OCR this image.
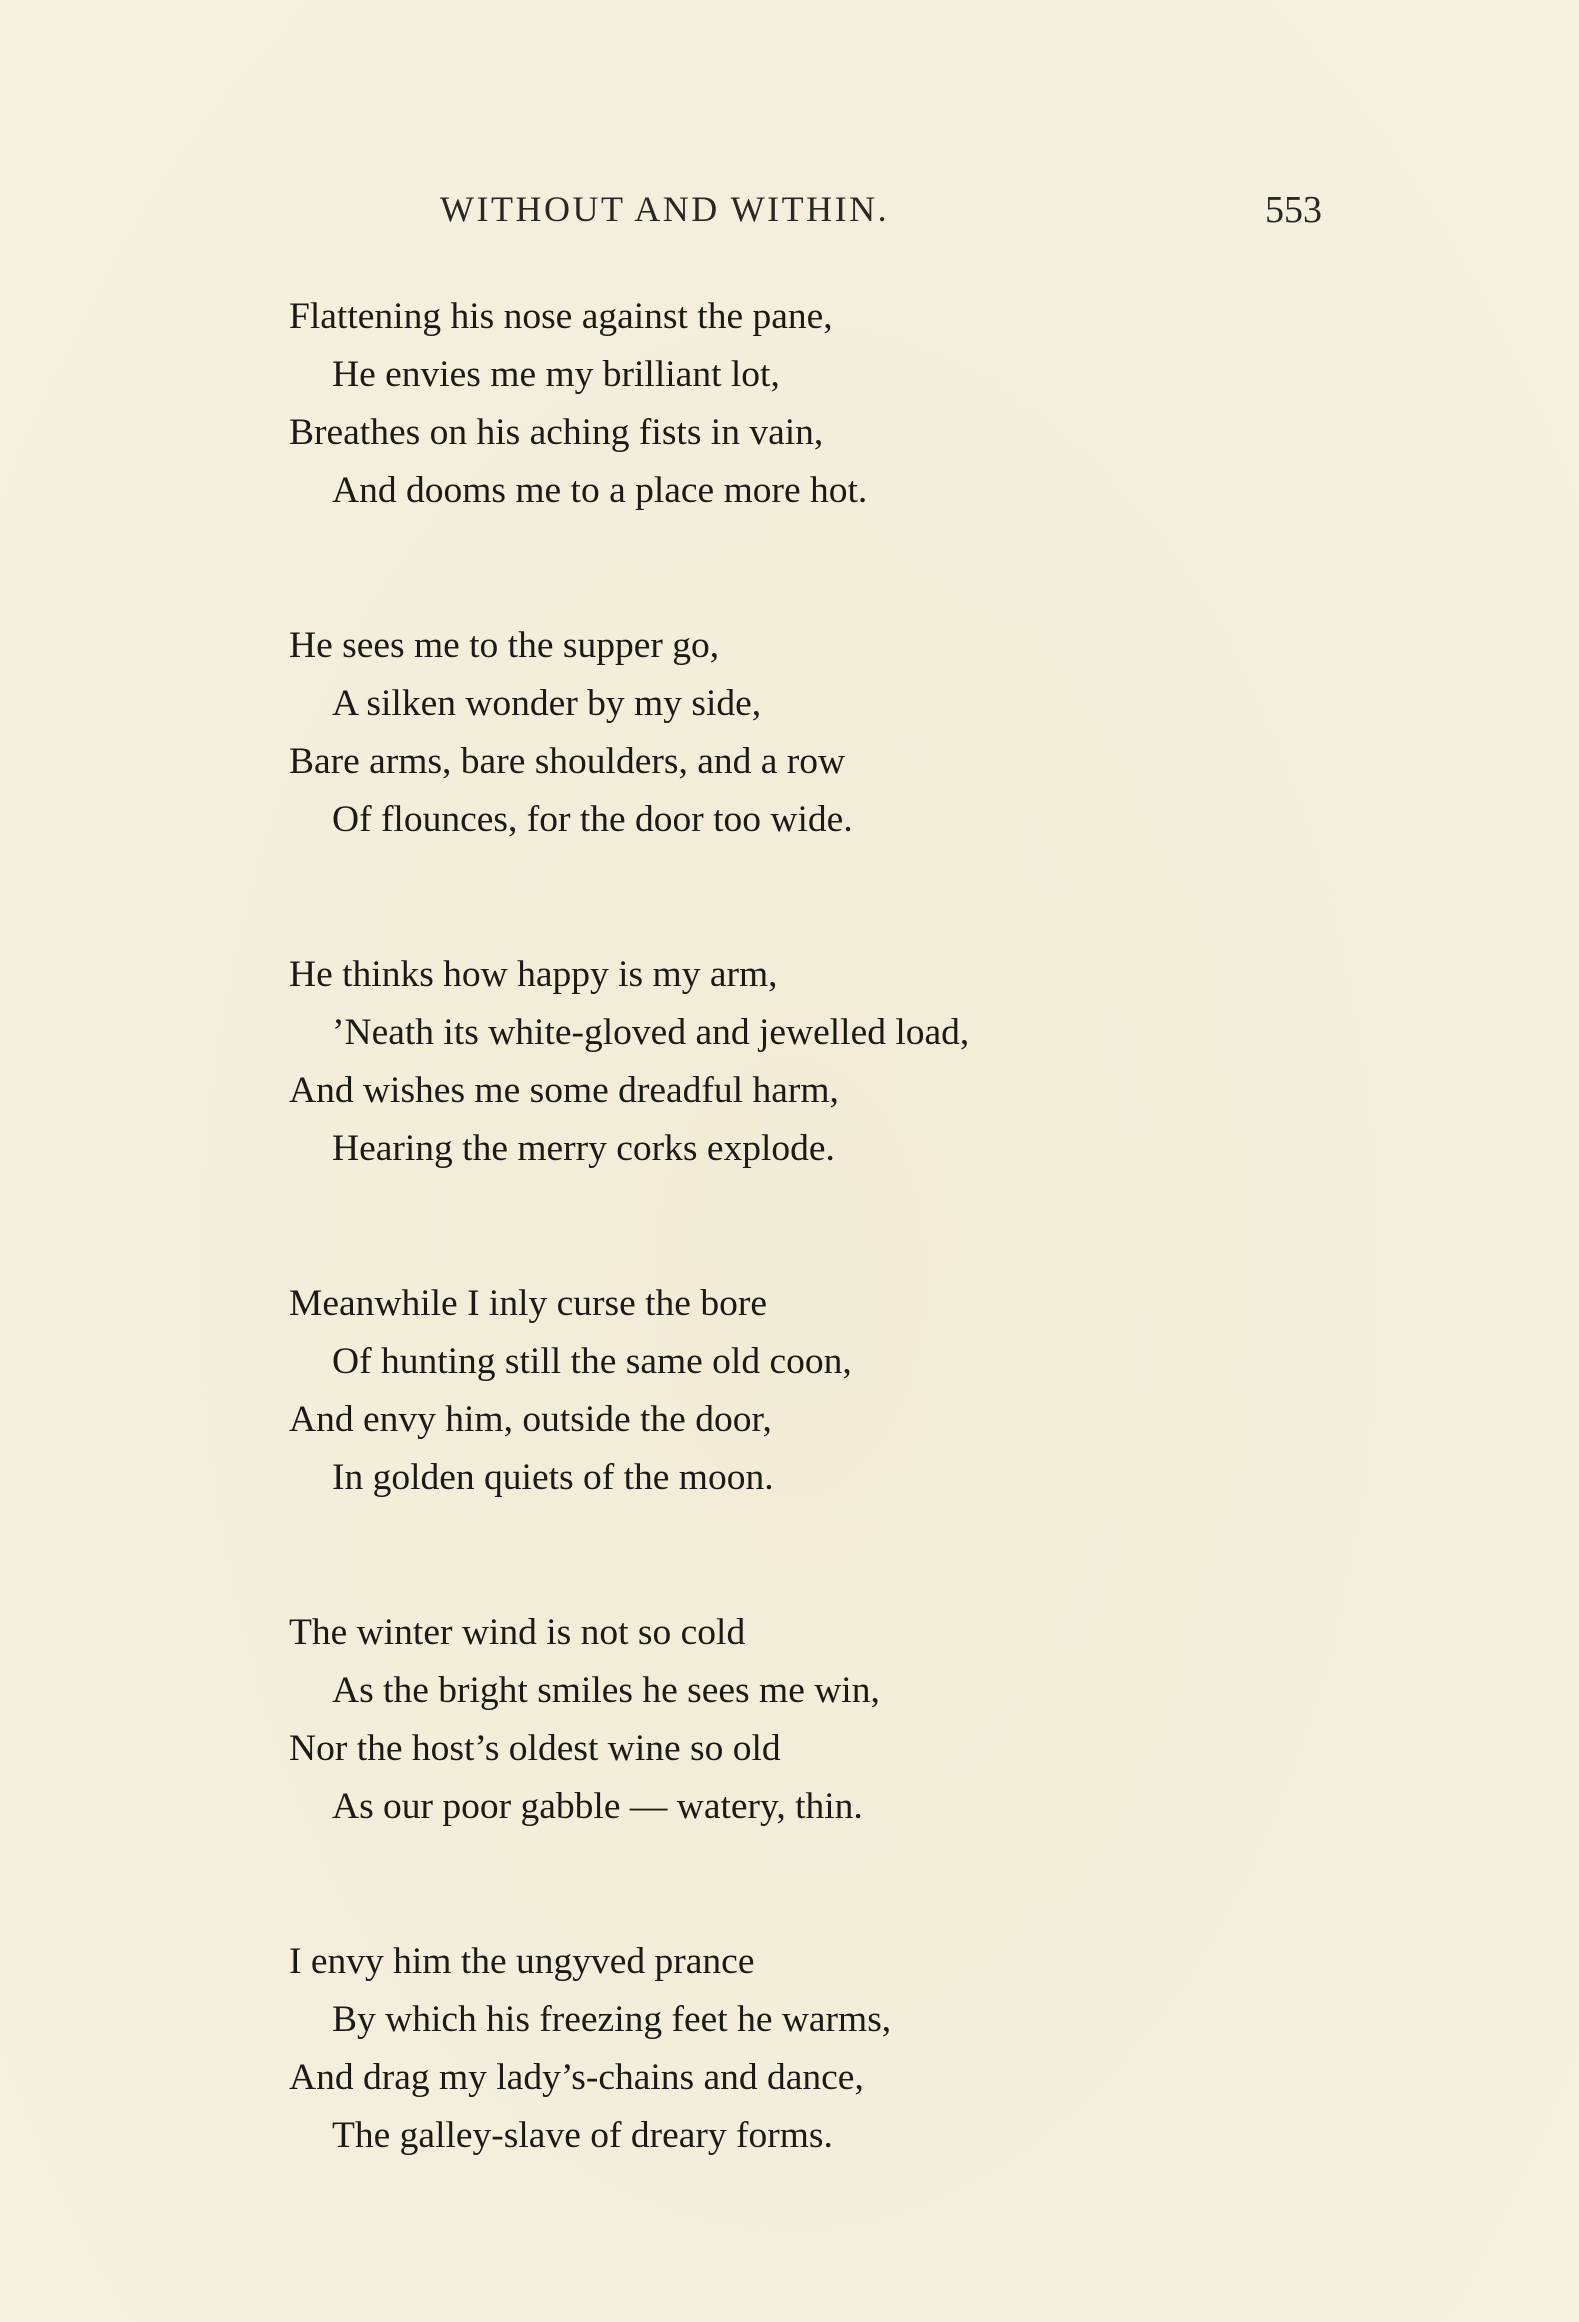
WITHOUT AND WITHIN.	553
Flattening his nose against the pane,
He envies me my brilliant lot,
Breathes on his aching fists in vain,
And dooms me to a place more hot.
He sees me to the supper go,
A silken wonder by my side,
Bare arms, bare shoulders, and a row
Of flounces, for the door too wide.
He thinks how happy is my arm,
’Neath its white-gloved and jewelled load,
And wishes me some dreadful harm,
Hearing the merry corks explode.
Meanwhile I inly curse the bore
Of hunting still the same old coon,
And envy him, outside the door,
In golden quiets of the moon.
The winter wind is not so cold
As the bright smiles he sees me win,
Nor the host’s oldest wine so old
As our poor gabble — watery, thin.
I envy him the ungyved prance
By which his freezing feet he warms,
And drag my lady’s-chains and dance,
The galley-slave of dreary forms.
